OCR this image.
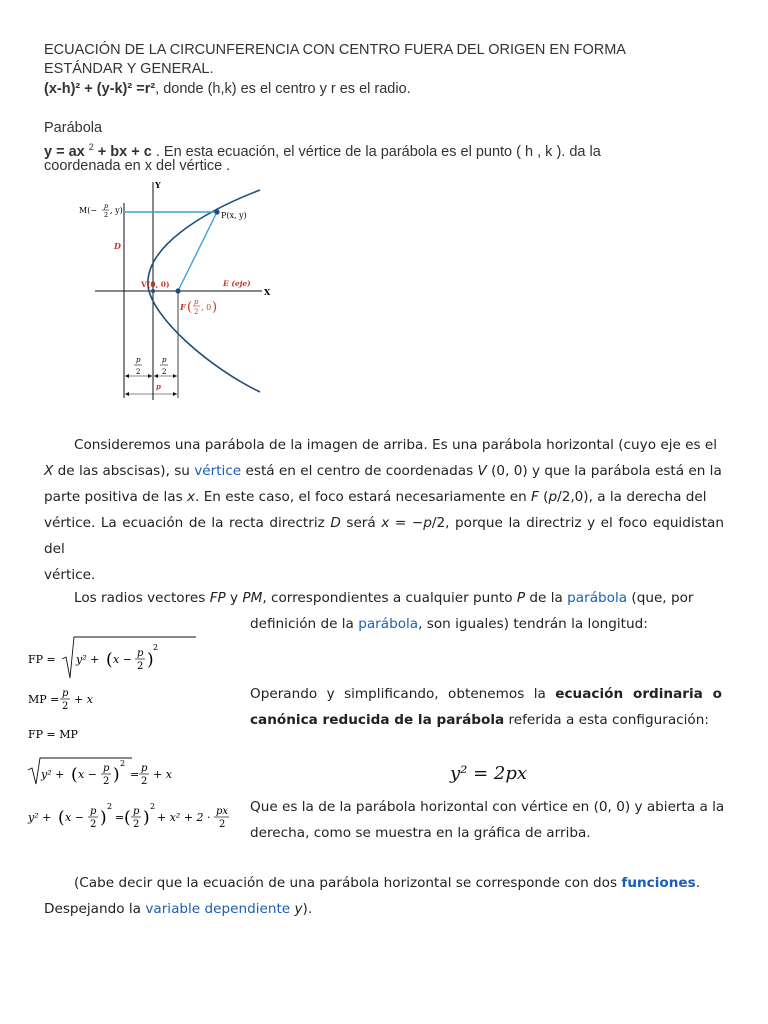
ECUACIÓN DE LA CIRCUNFERENCIA CON CENTRO FUERA DEL ORIGEN EN FORMA
ESTÁNDAR Y GENERAL.
(x-h)² + (y-k)² =r², donde (h,k) es el centro y r es el radio.
Parábola
y = ax $^2$ + bx + c . En esta ecuación, el vértice de la parábola es el punto ( h , k ). da la
coordenada en x del vértice .
Y
X
M(− p
2 , y)
P(x, y)
D
V(0, 0)	E (eje)
F ( p
2 , 0 )
p
2
p
2
p
Consideremos una parábola de la imagen de arriba. Es una parábola horizontal (cuyo eje es el
X de las abscisas), su vértice está en el centro de coordenadas V (0, 0) y que la parábola está en la
parte positiva de las x. En este caso, el foco estará necesariamente en F (p/2,0), a la derecha del
vértice. La ecuación de la recta directriz D será x = −p/2, porque la directriz y el foco equidistan del
vértice.
Los radios vectores FP y PM, correspondientes a cualquier punto P de la parábola (que, por
definición de la parábola, son iguales) tendrán la longitud:
FP = y² + ( x − p
2 )
2
MP = p
2
+ x
FP = MP
y² + ( x − p
2 )
2
= p
2
+ x
y² + ( x − p
2 )
2
= ( p
2 )
2
+ x² + 2 · px
2
Operando y simplificando, obtenemos la ecuación ordinaria o
canónica reducida de la parábola referida a esta configuración:
y² = 2px
Que es la de la parábola horizontal con vértice en (0, 0) y abierta a la
derecha, como se muestra en la gráfica de arriba.
(Cabe decir que la ecuación de una parábola horizontal se corresponde con dos funciones.
Despejando la variable dependiente y).
